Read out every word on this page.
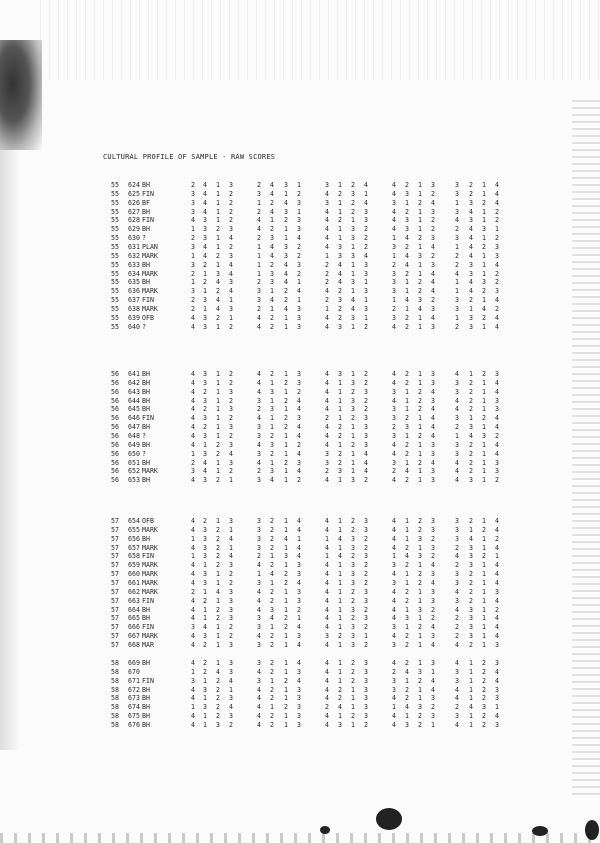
CULTURAL PROFILE OF SAMPLE - RAW SCORES
55 624 BH	2 4 1 3	2 4 3 1	3 1 2 4	4 2 1 3	3 2 1 4
55 625 FIN	3 4 1 2	3 4 1 2	4 2 3 1	4 3 1 2	3 2 1 4
55 626 BF	3 4 1 2	1 2 4 3	3 1 2 4	3 1 2 4	1 3 2 4
55 627 BH	3 4 1 2	2 4 3 1	4 1 2 3	4 2 1 3	3 4 1 2
55 628 FIN	4 3 1 2	4 1 2 3	4 2 1 3	4 3 1 2	4 3 1 2
55 629 BH	1 3 2 3	4 2 1 3	4 1 3 2	4 3 1 2	2 4 3 1
55 630 ?	2 3 1 4	2 3 1 4	4 1 3 2	1 4 2 3	3 4 1 2
55 631 PLAN	3 4 1 2	1 4 3 2	4 3 1 2	3 2 1 4	1 4 2 3
55 632 MARK	1 4 2 3	1 4 3 2	1 3 3 4	1 4 3 2	2 4 1 3
55 633 BH	3 2 1 4	1 2 4 3	2 4 1 3	2 4 1 3	2 3 1 4
55 634 MARK	2 1 3 4	1 3 4 2	2 4 1 3	3 2 1 4	4 3 1 2
55 635 BH	1 2 4 3	2 3 4 1	2 4 3 1	3 1 2 4	1 4 3 2
55 636 MARK	3 1 2 4	3 1 2 4	4 2 1 3	3 1 2 4	1 4 2 3
55 637 FIN	2 3 4 1	3 4 2 1	2 3 4 1	1 4 3 2	3 2 1 4
55 638 MARK	2 1 4 3	2 1 4 3	1 2 4 3	2 1 4 3	3 1 4 2
55 639 OFB	4 3 2 1	4 2 1 3	4 2 3 1	3 2 1 4	1 3 2 4
55 640 ?	4 3 1 2	4 2 1 3	4 3 1 2	4 2 1 3	2 3 1 4
56 641 BH	4 3 1 2	4 2 1 3	4 3 1 2	4 2 1 3	4 1 2 3
56 642 BH	4 3 1 2	4 1 2 3	4 1 3 2	4 2 1 3	3 2 1 4
56 643 BH	4 2 1 3	4 3 1 2	4 1 2 3	3 1 2 4	3 2 1 4
56 644 BH	4 3 1 2	3 1 2 4	4 1 3 2	4 1 2 3	4 2 1 3
56 645 BH	4 2 1 3	2 3 1 4	4 1 3 2	3 1 2 4	4 2 1 3
56 646 FIN	4 3 1 2	4 1 2 3	2 1 2 3	3 2 1 4	3 1 2 4
56 647 BH	4 2 1 3	3 1 2 4	4 2 1 3	2 3 1 4	2 3 1 4
56 648 ?	4 3 1 2	3 2 1 4	4 2 1 3	3 1 2 4	1 4 3 2
56 649 BH	4 1 2 3	4 3 1 2	4 1 2 3	4 2 1 3	3 2 1 4
56 650 ?	1 3 2 4	3 2 1 4	3 2 1 4	4 2 1 3	3 2 1 4
56 651 BH	2 4 1 3	4 1 2 3	3 2 1 4	3 1 2 4	4 2 1 3
56 652 MARK	3 4 1 2	2 3 1 4	2 3 1 4	2 4 1 3	4 2 1 3
56 653 BH	4 3 2 1	3 4 1 2	4 1 3 2	4 2 1 3	4 3 1 2
57 654 OFB	4 2 1 3	3 2 1 4	4 1 2 3	4 1 2 3	3 2 1 4
57 655 MARK	4 3 2 1	3 2 1 4	4 1 2 3	4 1 2 3	3 1 2 4
57 656 BH	1 3 2 4	3 2 4 1	1 4 3 2	4 1 3 2	3 4 1 2
57 657 MARK	4 3 2 1	3 2 1 4	4 1 3 2	4 2 1 3	2 3 1 4
57 658 FIN	1 3 2 4	2 1 3 4	1 4 2 3	1 4 3 2	4 3 2 1
57 659 MARK	4 1 2 3	4 2 1 3	4 1 3 2	3 2 1 4	2 3 1 4
57 660 MARK	4 3 1 2	1 4 2 3	4 1 3 2	4 1 2 3	3 2 1 4
57 661 MARK	4 3 1 2	3 1 2 4	4 1 3 2	3 1 2 4	3 2 1 4
57 662 MARK	2 1 4 3	4 2 1 3	4 1 2 3	4 2 1 3	4 2 1 3
57 663 FIN	4 2 1 3	4 2 1 3	4 1 2 3	4 2 1 3	3 2 1 4
57 664 BH	4 1 2 3	4 3 1 2	4 1 3 2	4 1 3 2	4 3 1 2
57 665 BH	4 1 2 3	3 4 2 1	4 1 2 3	4 3 1 2	2 3 1 4
57 666 FIN	3 4 1 2	3 1 2 4	4 1 3 2	3 1 2 4	2 3 1 4
57 667 MARK	4 3 1 2	4 2 1 3	3 2 3 1	4 2 1 3	2 3 1 4
57 668 MAR	4 2 1 3	3 2 1 4	4 1 3 2	3 2 1 4	4 2 1 3
58 669 BH	4 2 1 3	3 2 1 4	4 1 2 3	4 2 1 3	4 1 2 3
58 670	1 2 4 3	4 2 1 3	4 1 2 3	2 4 3 1	3 1 2 4
58 671 FIN	3 1 2 4	3 1 2 4	4 1 2 3	3 1 2 4	3 1 2 4
58 672 BH	4 3 2 1	4 2 1 3	4 2 1 3	3 2 1 4	4 1 2 3
58 673 BH	4 1 2 3	4 2 1 3	4 2 1 3	4 2 1 3	4 1 2 3
58 674 BH	1 3 2 4	4 1 2 3	2 4 1 3	1 4 3 2	2 4 3 1
58 675 BH	4 1 2 3	4 2 1 3	4 1 2 3	4 1 2 3	3 1 2 4
58 676 BH	4 1 3 2	4 2 1 3	4 3 1 2	4 3 2 1	4 1 2 3
